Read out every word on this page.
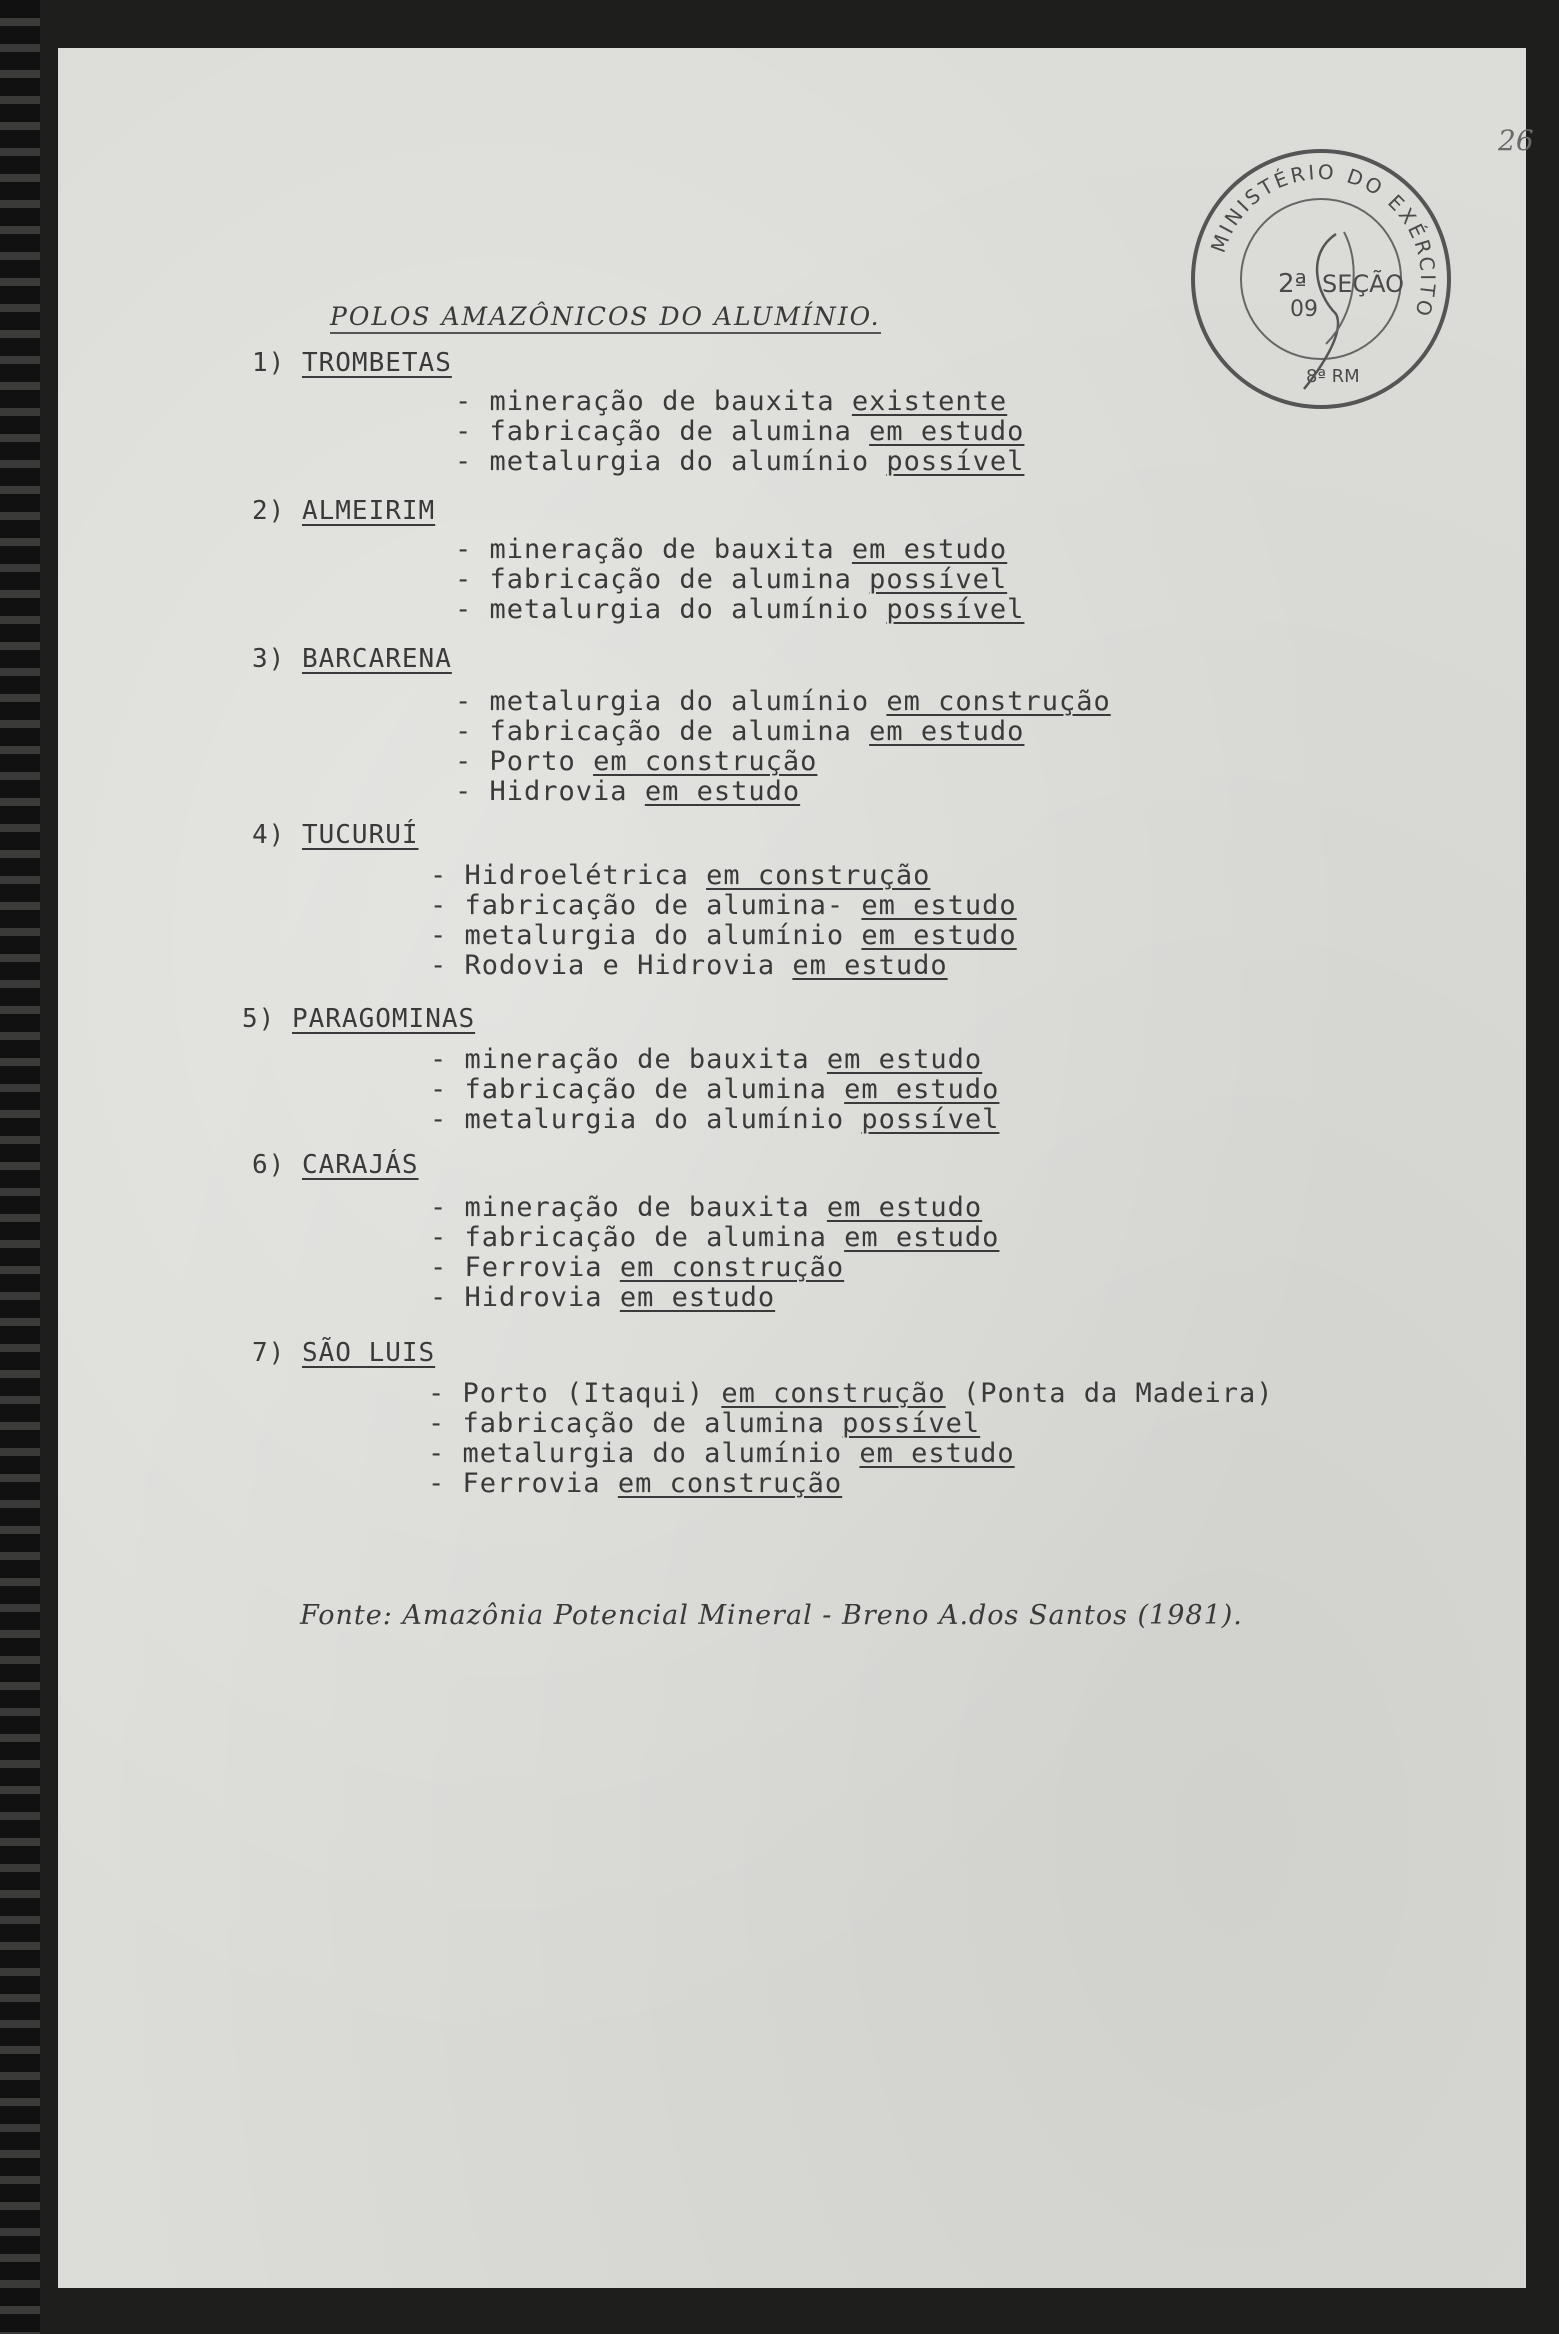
26
MINISTÉRIO DO EXÉRCITO
2ª SEÇÃO
09
8ª RM
POLOS AMAZÔNICOS DO ALUMÍNIO.
1) TROMBETAS
- mineração de bauxita existente
- fabricação de alumina em estudo
- metalurgia do alumínio possível
2) ALMEIRIM
- mineração de bauxita em estudo
- fabricação de alumina possível
- metalurgia do alumínio possível
3) BARCARENA
- metalurgia do alumínio em construção
- fabricação de alumina em estudo
- Porto em construção
- Hidrovia em estudo
4) TUCURUÍ
- Hidroelétrica em construção
- fabricação de alumina- em estudo
- metalurgia do alumínio em estudo
- Rodovia e Hidrovia em estudo
5) PARAGOMINAS
- mineração de bauxita em estudo
- fabricação de alumina em estudo
- metalurgia do alumínio possível
6) CARAJÁS
- mineração de bauxita em estudo
- fabricação de alumina em estudo
- Ferrovia em construção
- Hidrovia em estudo
7) SÃO LUIS
- Porto (Itaqui) em construção (Ponta da Madeira)
- fabricação de alumina possível
- metalurgia do alumínio em estudo
- Ferrovia em construção
Fonte: Amazônia Potencial Mineral - Breno A.dos Santos (1981).
